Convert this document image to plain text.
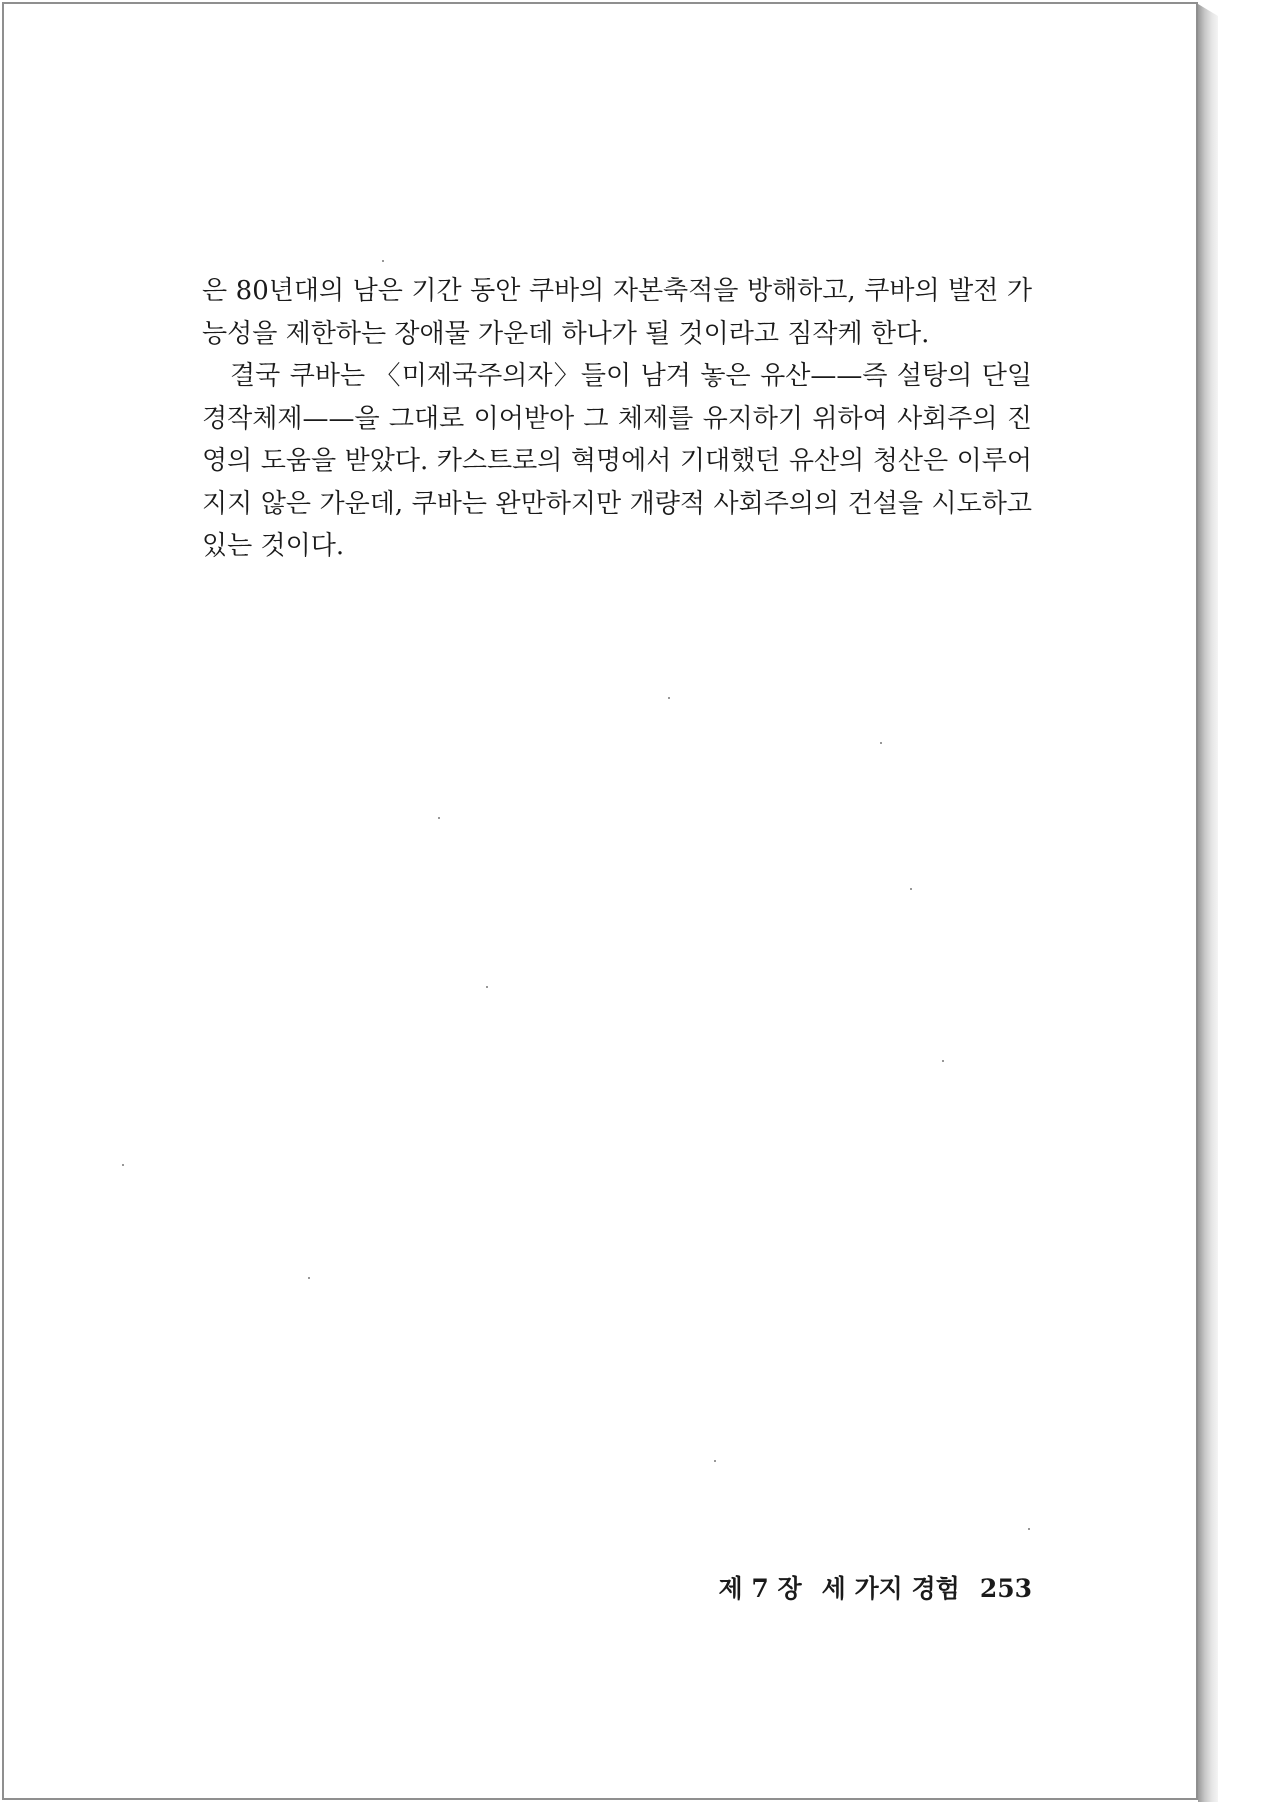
은 80년대의 남은 기간 동안 쿠바의 자본축적을 방해하고, 쿠바의 발전 가능성을 제한하는 장애물 가운데 하나가 될 것이라고 짐작케 한다.

결국 쿠바는 〈미제국주의자〉들이 남겨 놓은 유산——즉 설탕의 단일경작체제——을 그대로 이어받아 그 체제를 유지하기 위하여 사회주의 진영의 도움을 받았다. 카스트로의 혁명에서 기대했던 유산의 청산은 이루어지지 않은 가운데, 쿠바는 완만하지만 개량적 사회주의의 건설을 시도하고 있는 것이다.

제 7 장 세 가지 경험 253
